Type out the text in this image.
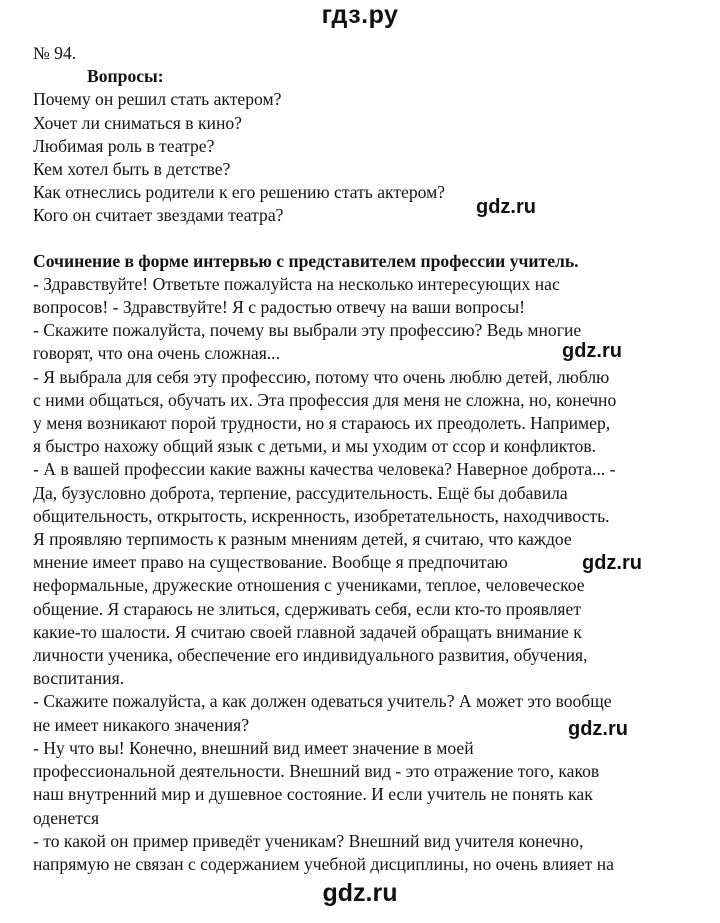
гдз.ру
№ 94.
Вопросы:
Почему он решил стать актером?
Хочет ли сниматься в кино?
Любимая роль в театре?
Кем хотел быть в детстве?
Как отнеслись родители к его решению стать актером?
Кого он считает звездами театра?
Сочинение в форме интервью с представителем профессии учитель.
- Здравствуйте! Ответьте пожалуйста на несколько интересующих нас
вопросов! - Здравствуйте! Я с радостью отвечу на ваши вопросы!
- Скажите пожалуйста, почему вы выбрали эту профессию? Ведь многие
говорят, что она очень сложная...
- Я выбрала для себя эту профессию, потому что очень люблю детей, люблю
с ними общаться, обучать их. Эта профессия для меня не сложна, но, конечно
у меня возникают порой трудности, но я стараюсь их преодолеть. Например,
я быстро нахожу общий язык с детьми, и мы уходим от ссор и конфликтов.
- А в вашей профессии какие важны качества человека? Наверное доброта... -
Да, бузусловно доброта, терпение, рассудительность. Ещё бы добавила
общительность, открытость, искренность, изобретательность, находчивость.
Я проявляю терпимость к разным мнениям детей, я считаю, что каждое
мнение имеет право на существование. Вообще я предпочитаю
неформальные, дружеские отношения с учениками, теплое, человеческое
общение. Я стараюсь не злиться, сдерживать себя, если кто-то проявляет
какие-то шалости. Я считаю своей главной задачей обращать внимание к
личности ученика, обеспечение его индивидуального развития, обучения,
воспитания.
- Скажите пожалуйста, а как должен одеваться учитель? А может это вообще
не имеет никакого значения?
- Ну что вы! Конечно, внешний вид имеет значение в моей
профессиональной деятельности. Внешний вид - это отражение того, каков
наш внутренний мир и душевное состояние. И если учитель не понять как
оденется
- то какой он пример приведёт ученикам? Внешний вид учителя конечно,
напрямую не связан с содержанием учебной дисциплины, но очень влияет на
gdz.ru
gdz.ru
gdz.ru
gdz.ru
gdz.ru
